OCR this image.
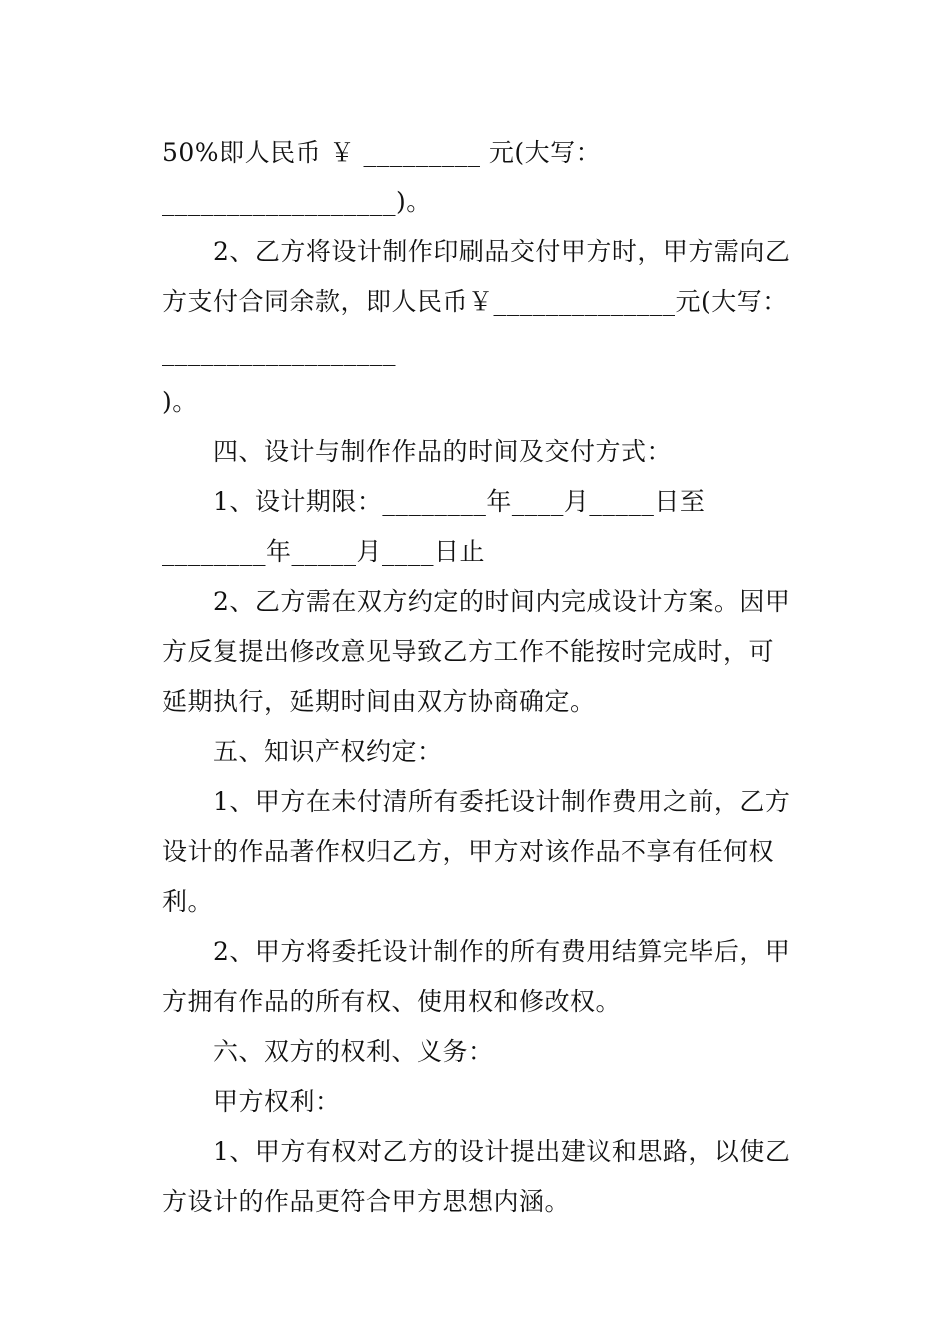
50%即人民币 ￥ _________ 元(大写：
__________________)。
2、乙方将设计制作印刷品交付甲方时，甲方需向乙
方支付合同余款，即人民币￥______________元(大写：
__________________
)。
四、设计与制作作品的时间及交付方式：
1、设计期限：________年____月_____日至
________年_____月____日止
2、乙方需在双方约定的时间内完成设计方案。因甲
方反复提出修改意见导致乙方工作不能按时完成时，可
延期执行，延期时间由双方协商确定。
五、知识产权约定：
1、甲方在未付清所有委托设计制作费用之前，乙方
设计的作品著作权归乙方，甲方对该作品不享有任何权
利。
2、甲方将委托设计制作的所有费用结算完毕后，甲
方拥有作品的所有权、使用权和修改权。
六、双方的权利、义务：
甲方权利：
1、甲方有权对乙方的设计提出建议和思路，以使乙
方设计的作品更符合甲方思想内涵。
